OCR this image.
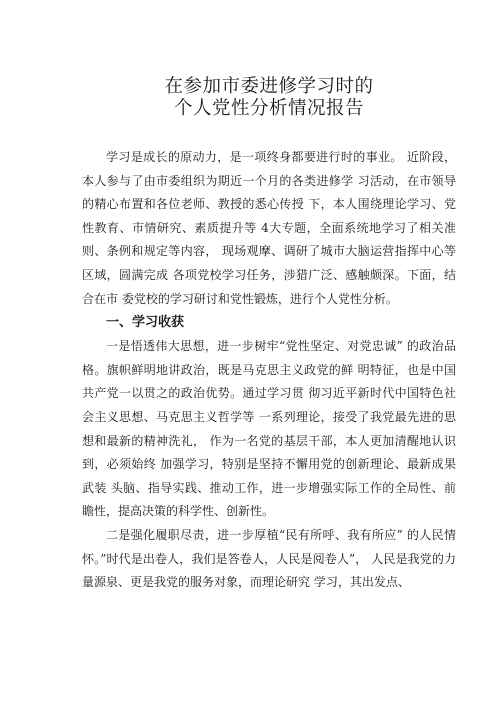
在参加市委进修学习时的
个人党性分析情况报告

学习是成长的原动力，是一项终身都要进行时的事业。 近阶段，本人参与了由市委组织为期近一个月的各类进修学 习活动，在市领导的精心布置和各位老师、教授的悉心传授 下，本人围绕理论学习、党性教育、市情研究、素质提升等 4大专题，全面系统地学习了相关准则、条例和规定等内容， 现场观摩、调研了城市大脑运营指挥中心等区域，圆满完成 各项党校学习任务，涉猎广泛、感触颇深。下面，结合在市 委党校的学习研讨和党性锻炼，进行个人党性分析。

一、学习收获

一是悟透伟大思想，进一步树牢“党性坚定、对党忠诚” 的政治品格。旗帜鲜明地讲政治，既是马克思主义政党的鲜 明特征，也是中国共产党一以贯之的政治优势。通过学习贯 彻习近平新时代中国特色社会主义思想、马克思主义哲学等 一系列理论，接受了我党最先进的思想和最新的精神洗礼， 作为一名党的基层干部，本人更加清醒地认识到，必须始终 加强学习，特别是坚持不懈用党的创新理论、最新成果武装 头脑、指导实践、推动工作，进一步增强实际工作的全局性、前瞻性，提高决策的科学性、创新性。

二是强化履职尽责，进一步厚植“民有所呼、我有所应” 的人民情怀。”时代是出卷人，我们是答卷人，人民是阅卷人”， 人民是我党的力量源泉、更是我党的服务对象，而理论研究 学习，其出发点、
